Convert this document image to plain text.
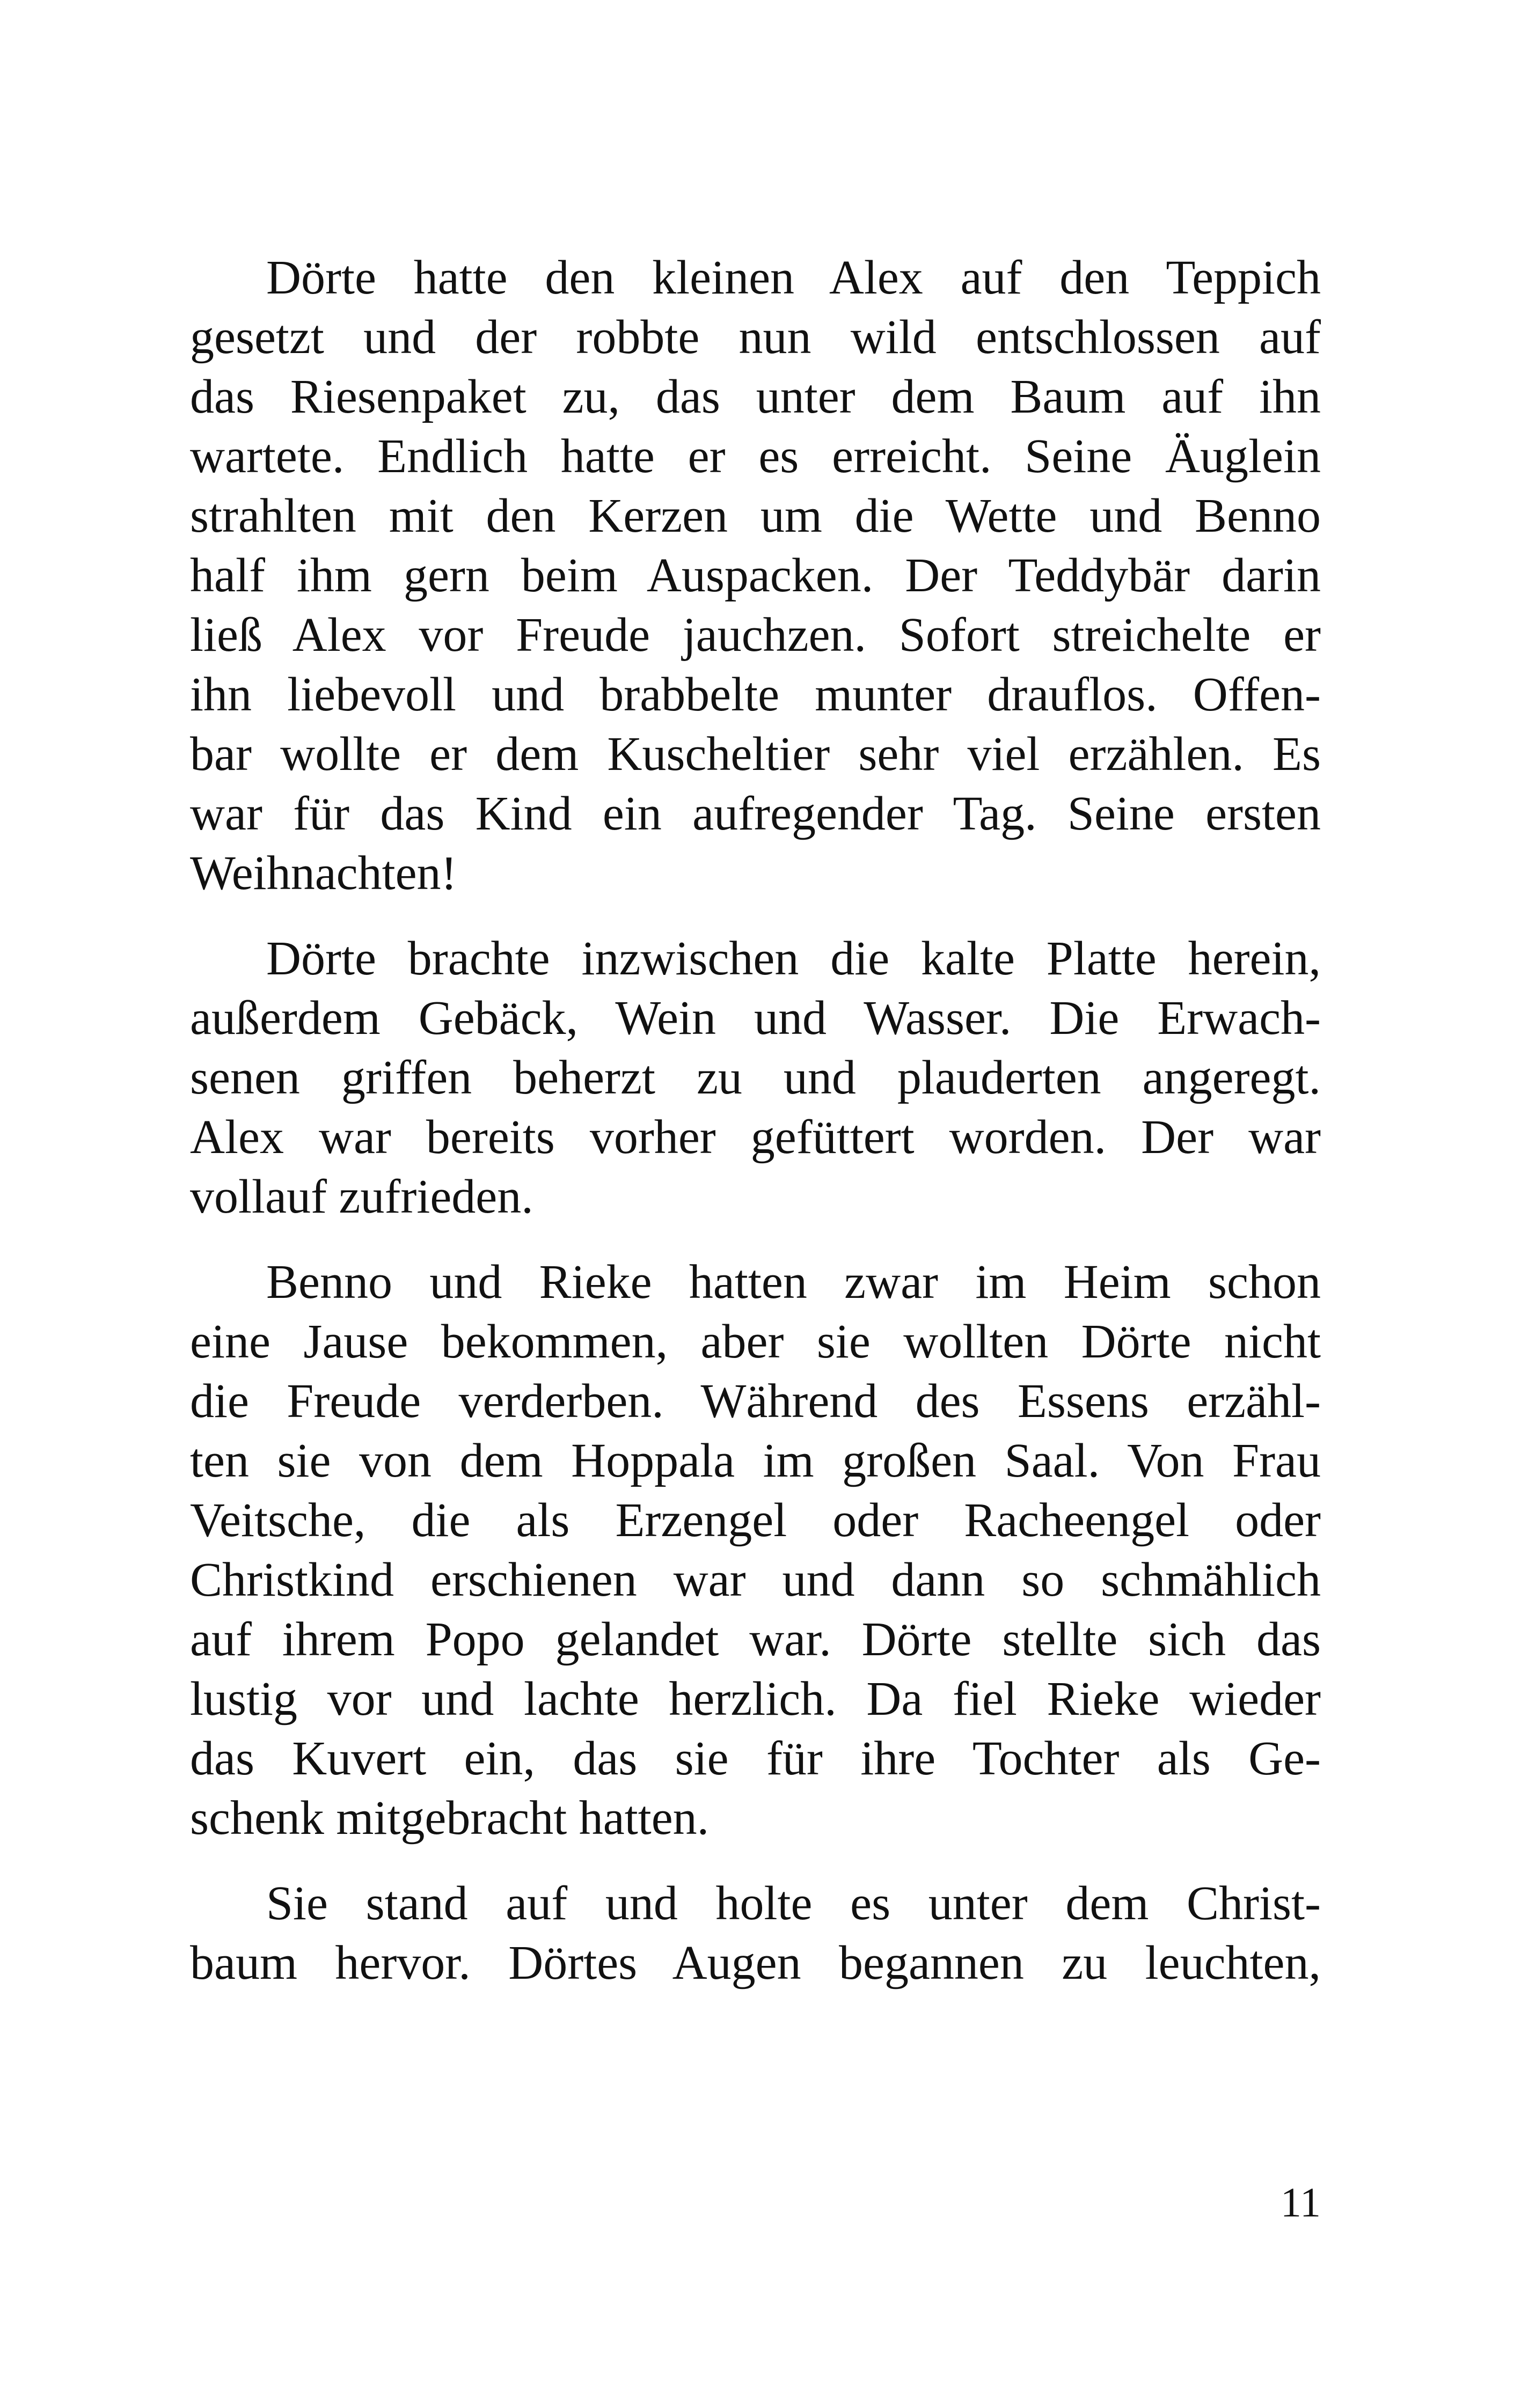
Dörte hatte den kleinen Alex auf den Teppich
gesetzt und der robbte nun wild entschlossen auf
das Riesenpaket zu, das unter dem Baum auf ihn
wartete. Endlich hatte er es erreicht. Seine Äuglein
strahlten mit den Kerzen um die Wette und Benno
half ihm gern beim Auspacken. Der Teddybär darin
ließ Alex vor Freude jauchzen. Sofort streichelte er
ihn liebevoll und brabbelte munter drauflos. Offen-
bar wollte er dem Kuscheltier sehr viel erzählen. Es
war für das Kind ein aufregender Tag. Seine ersten
Weihnachten!
Dörte brachte inzwischen die kalte Platte herein,
außerdem Gebäck, Wein und Wasser. Die Erwach-
senen griffen beherzt zu und plauderten angeregt.
Alex war bereits vorher gefüttert worden. Der war
vollauf zufrieden.
Benno und Rieke hatten zwar im Heim schon
eine Jause bekommen, aber sie wollten Dörte nicht
die Freude verderben. Während des Essens erzähl-
ten sie von dem Hoppala im großen Saal. Von Frau
Veitsche, die als Erzengel oder Racheengel oder
Christkind erschienen war und dann so schmählich
auf ihrem Popo gelandet war. Dörte stellte sich das
lustig vor und lachte herzlich. Da fiel Rieke wieder
das Kuvert ein, das sie für ihre Tochter als Ge-
schenk mitgebracht hatten.
Sie stand auf und holte es unter dem Christ-
baum hervor. Dörtes Augen begannen zu leuchten,
11
